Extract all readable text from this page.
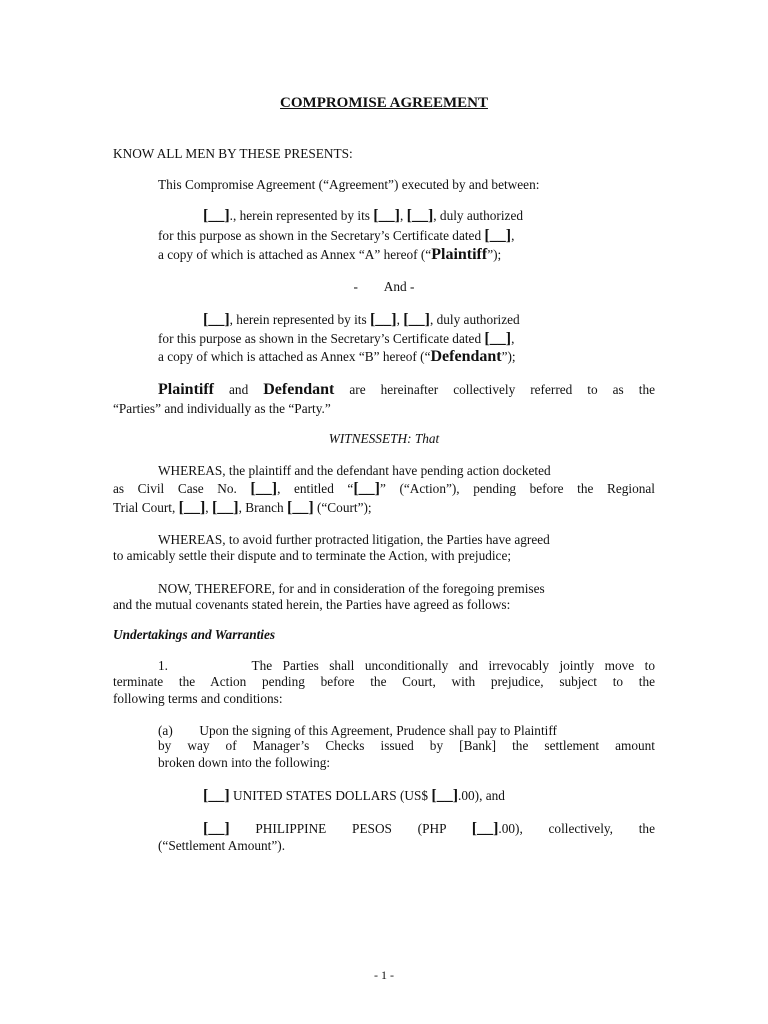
COMPROMISE AGREEMENT
KNOW ALL MEN BY THESE PRESENTS:
This Compromise Agreement (“Agreement”) executed by and between:
[__]., herein represented by its [__], [__], duly authorized
for this purpose as shown in the Secretary’s Certificate dated [__],
a copy of which is attached as Annex “A” hereof (“Plaintiff”);
-        And -
[__], herein represented by its [__], [__], duly authorized
for this purpose as shown in the Secretary’s Certificate dated [__],
a copy of which is attached as Annex “B” hereof (“Defendant”);
Plaintiff and Defendant are hereinafter collectively referred to as the
“Parties” and individually as the “Party.”
WITNESSETH: That
WHEREAS, the plaintiff and the defendant have pending action docketed
as Civil Case No. [__], entitled “[__]” (“Action”), pending before the Regional
Trial Court, [__], [__], Branch [__] (“Court”);
WHEREAS, to avoid further protracted litigation, the Parties have agreed
to amicably settle their dispute and to terminate the Action, with prejudice;
NOW, THEREFORE, for and in consideration of the foregoing premises
and the mutual covenants stated herein, the Parties have agreed as follows:
Undertakings and Warranties
1.        The Parties shall unconditionally and irrevocably jointly move to
terminate the Action pending before the Court, with prejudice, subject to the
following terms and conditions:
(a)        Upon the signing of this Agreement, Prudence shall pay to Plaintiff
by way of Manager’s Checks issued by [Bank] the settlement amount
broken down into the following:
[__] UNITED STATES DOLLARS (US$ [__].00), and
[__] PHILIPPINE PESOS (PHP [__].00), collectively, the
(“Settlement Amount”).
- 1 -
